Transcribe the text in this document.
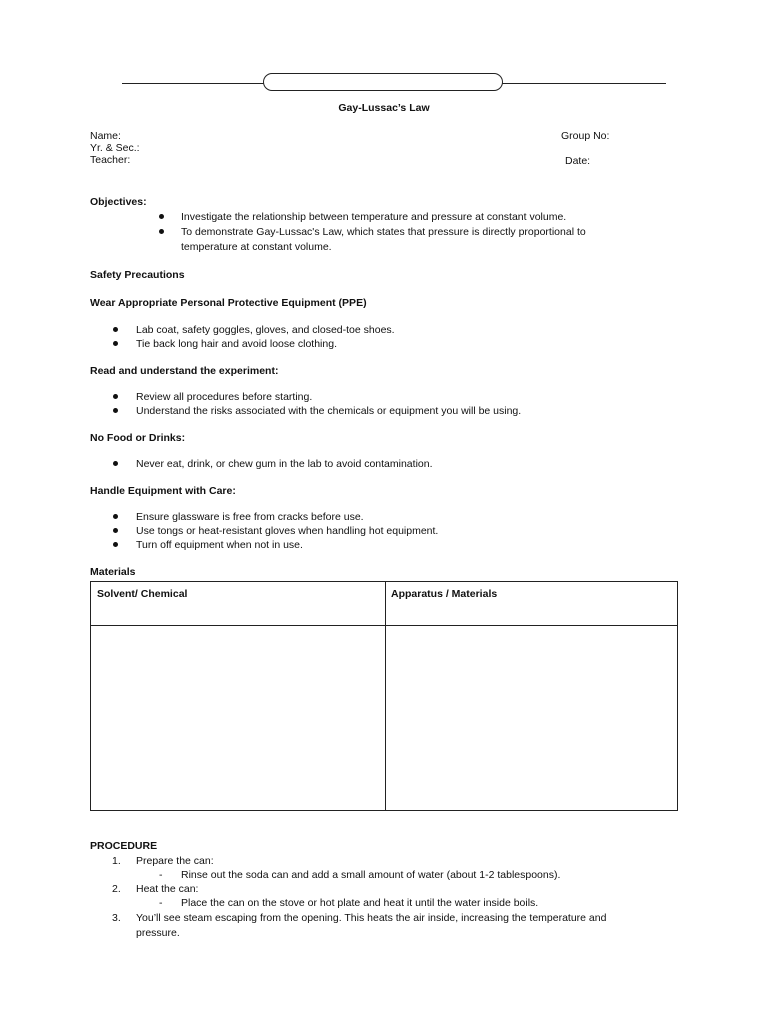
Gay-Lussac’s Law
Name:	Group No:
Yr. & Sec.:
Teacher:	Date:
Objectives:
Investigate the relationship between temperature and pressure at constant volume.
To demonstrate Gay-Lussac's Law, which states that pressure is directly proportional to
temperature at constant volume.
Safety Precautions
Wear Appropriate Personal Protective Equipment (PPE)
Lab coat, safety goggles, gloves, and closed-toe shoes.
Tie back long hair and avoid loose clothing.
Read and understand the experiment:
Review all procedures before starting.
Understand the risks associated with the chemicals or equipment you will be using.
No Food or Drinks:
Never eat, drink, or chew gum in the lab to avoid contamination.
Handle Equipment with Care:
Ensure glassware is free from cracks before use.
Use tongs or heat-resistant gloves when handling hot equipment.
Turn off equipment when not in use.
Materials
Solvent/ Chemical	Apparatus / Materials
PROCEDURE
1. Prepare the can:
- Rinse out the soda can and add a small amount of water (about 1-2 tablespoons).
2. Heat the can:
- Place the can on the stove or hot plate and heat it until the water inside boils.
3. You’ll see steam escaping from the opening. This heats the air inside, increasing the temperature and
pressure.
